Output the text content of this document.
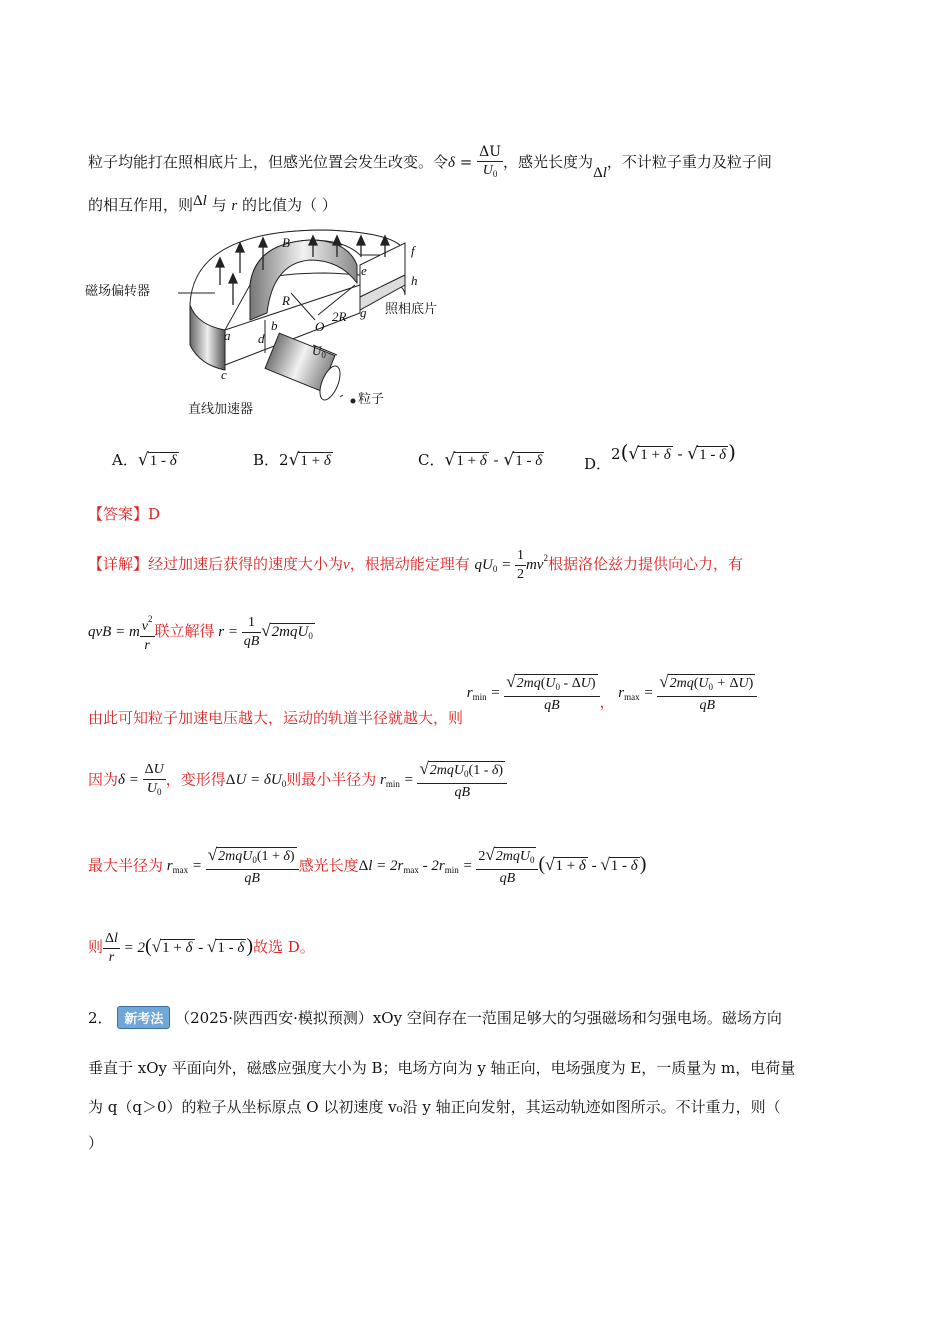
粒子均能打在照相底片上，但感光位置会发生改变。令$\delta = \frac{\Delta U}{U_0}$ ，感光长度为Δl，不计粒子重力及粒子间
的相互作用，则Δl 与 r 的比值为（ ）
磁场偏转器
B
a
b
c
d
e
f
g
h
R
O
2R
$U_0$
照相底片
直线加速器
粒子
A．√1 - δ	B．2√1 + δ	C．√1 + δ - √1 - δ	D．2(√1 + δ - √1 - δ )
【答案】D
【详解】经过加速后获得的速度大小为v，根据动能定理有 $qU_0 = \frac{1}{2} mv^2$根据洛伦兹力提供向心力，有
qvB = m $\frac{v^2}{r}$ 联立解得 $r = \frac{1}{qB} √2mqU_0$
由此可知粒子加速电压越大，运动的轨道半径就越大，则 $r_{min} = \frac{√2mq(U_0 - \Delta U)}{qB}$ ， $r_{max} = \frac{√2mq(U_0 + \Delta U)}{qB}$
因为$\delta = \frac{\Delta U}{U_0}$ ，变形得$\Delta U = \delta U_0$则最小半径为 $r_{min} = \frac{√2mqU_0(1 - \delta)}{qB}$
最大半径为 $r_{max} = \frac{√2mqU_0(1 + \delta)}{qB}$ 感光长度$\Delta l = 2r_{max} - 2r_{min} = \frac{2√2mqU_0}{qB} (√1 + \delta - √1 - \delta$ )
则 $\frac{\Delta l}{r} = 2(√1 + \delta - √1 - \delta$ )故选 D。
2． 新考法 （2025·陕西西安·模拟预测）xOy 空间存在一范围足够大的匀强磁场和匀强电场。磁场方向
垂直于 xOy 平面向外，磁感应强度大小为 B；电场方向为 y 轴正向，电场强度为 E，一质量为 m，电荷量
为 q（q＞0）的粒子从坐标原点 O 以初速度 v₀沿 y 轴正向发射，其运动轨迹如图所示。不计重力，则（
）
